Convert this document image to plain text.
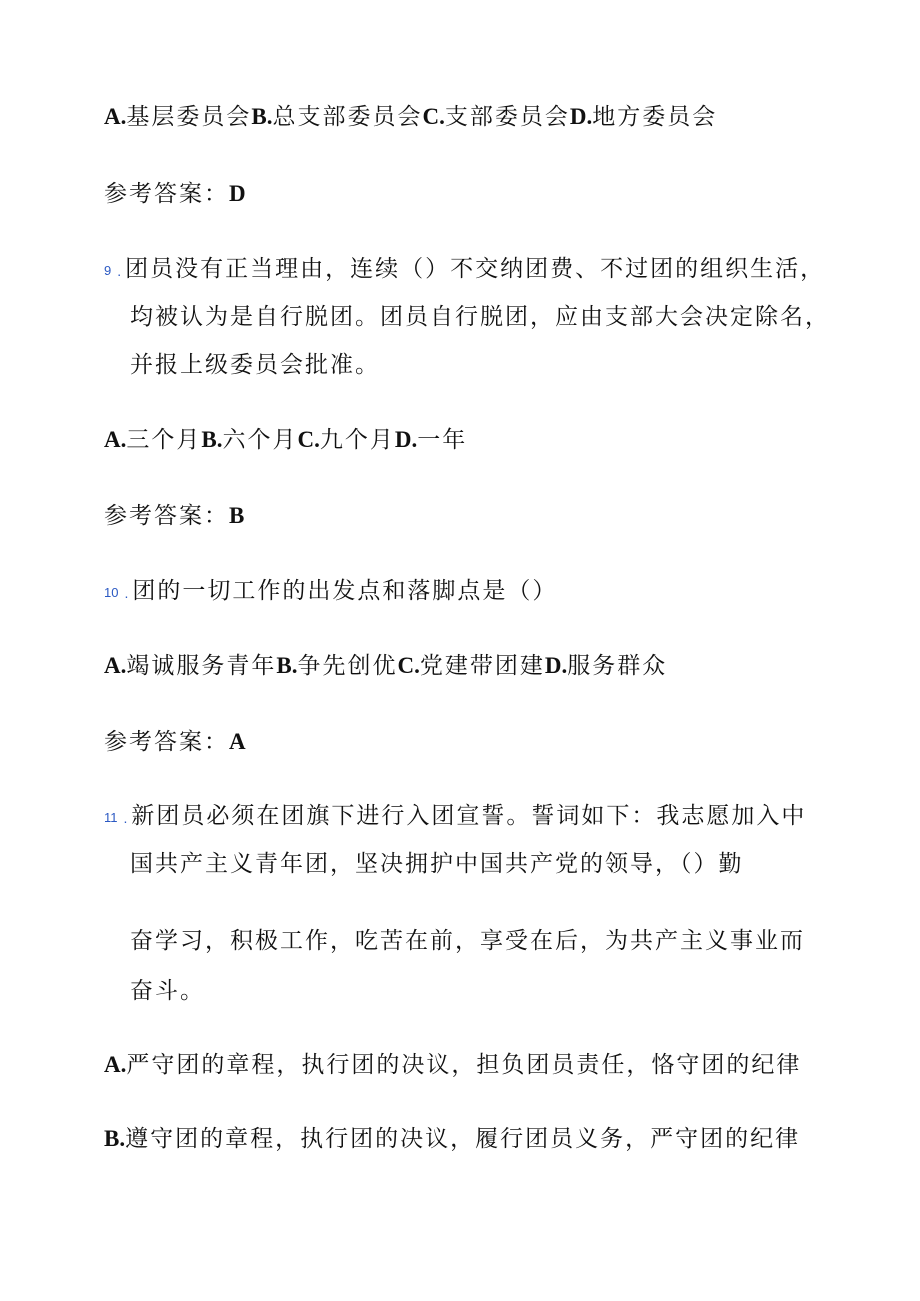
A.基层委员会B.总支部委员会C.支部委员会D.地方委员会
参考答案：D
9 . 团员没有正当理由，连续（）不交纳团费、不过团的组织生活，
均被认为是自行脱团。团员自行脱团，应由支部大会决定除名，
并报上级委员会批准。
A.三个月B.六个月C.九个月D.一年
参考答案：B
10 . 团的一切工作的出发点和落脚点是（）
A.竭诚服务青年B.争先创优C.党建带团建D.服务群众
参考答案：A
11 . 新团员必须在团旗下进行入团宣誓。誓词如下：我志愿加入中
国共产主义青年团，坚决拥护中国共产党的领导，（）勤
奋学习，积极工作，吃苦在前，享受在后，为共产主义事业而
奋斗。
A.严守团的章程，执行团的决议，担负团员责任，恪守团的纪律
B.遵守团的章程，执行团的决议，履行团员义务，严守团的纪律
